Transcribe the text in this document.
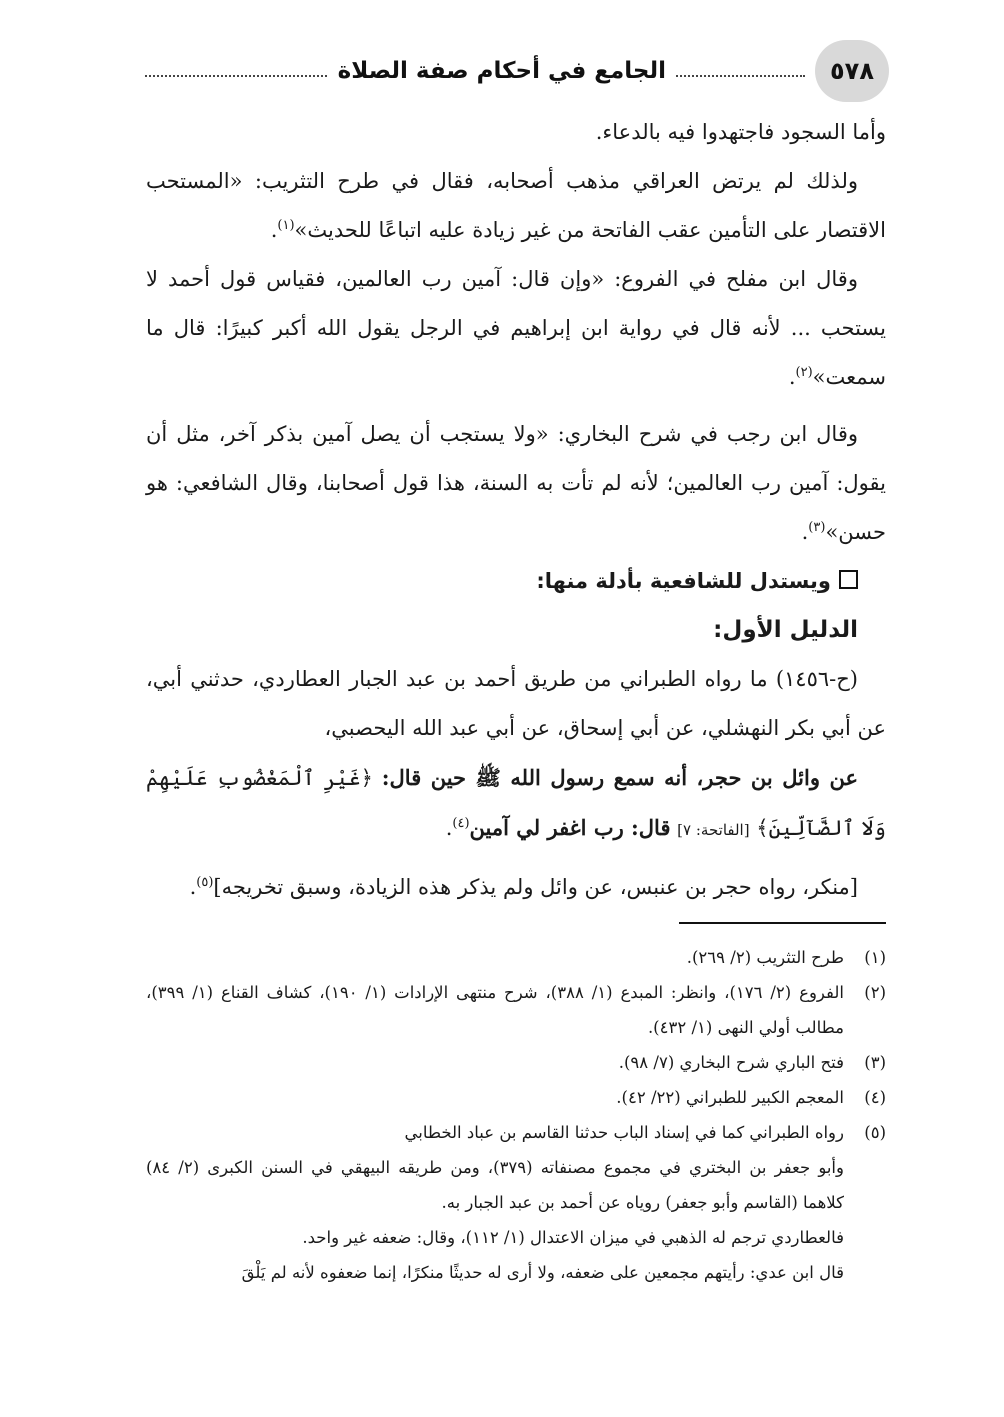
٥٧٨
الجامع في أحكام صفة الصلاة

وأما السجود فاجتهدوا فيه بالدعاء.

ولذلك لم يرتض العراقي مذهب أصحابه، فقال في طرح التثريب: «المستحب الاقتصار على التأمين عقب الفاتحة من غير زيادة عليه اتباعًا للحديث»$^{(١)}$.

وقال ابن مفلح في الفروع: «وإن قال: آمين رب العالمين، فقياس قول أحمد لا يستحب ... لأنه قال في رواية ابن إبراهيم في الرجل يقول الله أكبر كبيرًا: قال ما سمعت»$^{(٢)}$.

وقال ابن رجب في شرح البخاري: «ولا يستجب أن يصل آمين بذكر آخر، مثل أن يقول: آمين رب العالمين؛ لأنه لم تأت به السنة، هذا قول أصحابنا، وقال الشافعي: هو حسن»$^{(٣)}$.

ويستدل للشافعية بأدلة منها:

الدليل الأول:

(ح-١٤٥٦) ما رواه الطبراني من طريق أحمد بن عبد الجبار العطاردي، حدثني أبي، عن أبي بكر النهشلي، عن أبي إسحاق، عن أبي عبد الله اليحصبي،

عن وائل بن حجر، أنه سمع رسول الله ﷺ حين قال: ﴿غَيْرِ ٱلْمَغْضُوبِ عَلَيْهِمْ وَلَا ٱلضَّآلِّينَ﴾ [الفاتحة: ٧] قال: رب اغفر لي آمين$^{(٤)}$.

[منكر، رواه حجر بن عنبس، عن وائل ولم يذكر هذه الزيادة، وسبق تخريجه]$^{(٥)}$.

(١)
طرح التثريب (٢/ ٢٦٩).
(٢)
الفروع (٢/ ١٧٦)، وانظر: المبدع (١/ ٣٨٨)، شرح منتهى الإرادات (١/ ١٩٠)، كشاف القناع (١/ ٣٩٩)، مطالب أولي النهى (١/ ٤٣٢).
(٣)
فتح الباري شرح البخاري (٧/ ٩٨).
(٤)
المعجم الكبير للطبراني (٢٢/ ٤٢).
(٥)
رواه الطبراني كما في إسناد الباب حدثنا القاسم بن عباد الخطابي
وأبو جعفر بن البختري في مجموع مصنفاته (٣٧٩)، ومن طريقه البيهقي في السنن الكبرى (٢/ ٨٤) كلاهما (القاسم وأبو جعفر) روياه عن أحمد بن عبد الجبار به.
فالعطاردي ترجم له الذهبي في ميزان الاعتدال (١/ ١١٢)، وقال: ضعفه غير واحد.
قال ابن عدي: رأيتهم مجمعين على ضعفه، ولا أرى له حديثًا منكرًا، إنما ضعفوه لأنه لم يَلْقَ
